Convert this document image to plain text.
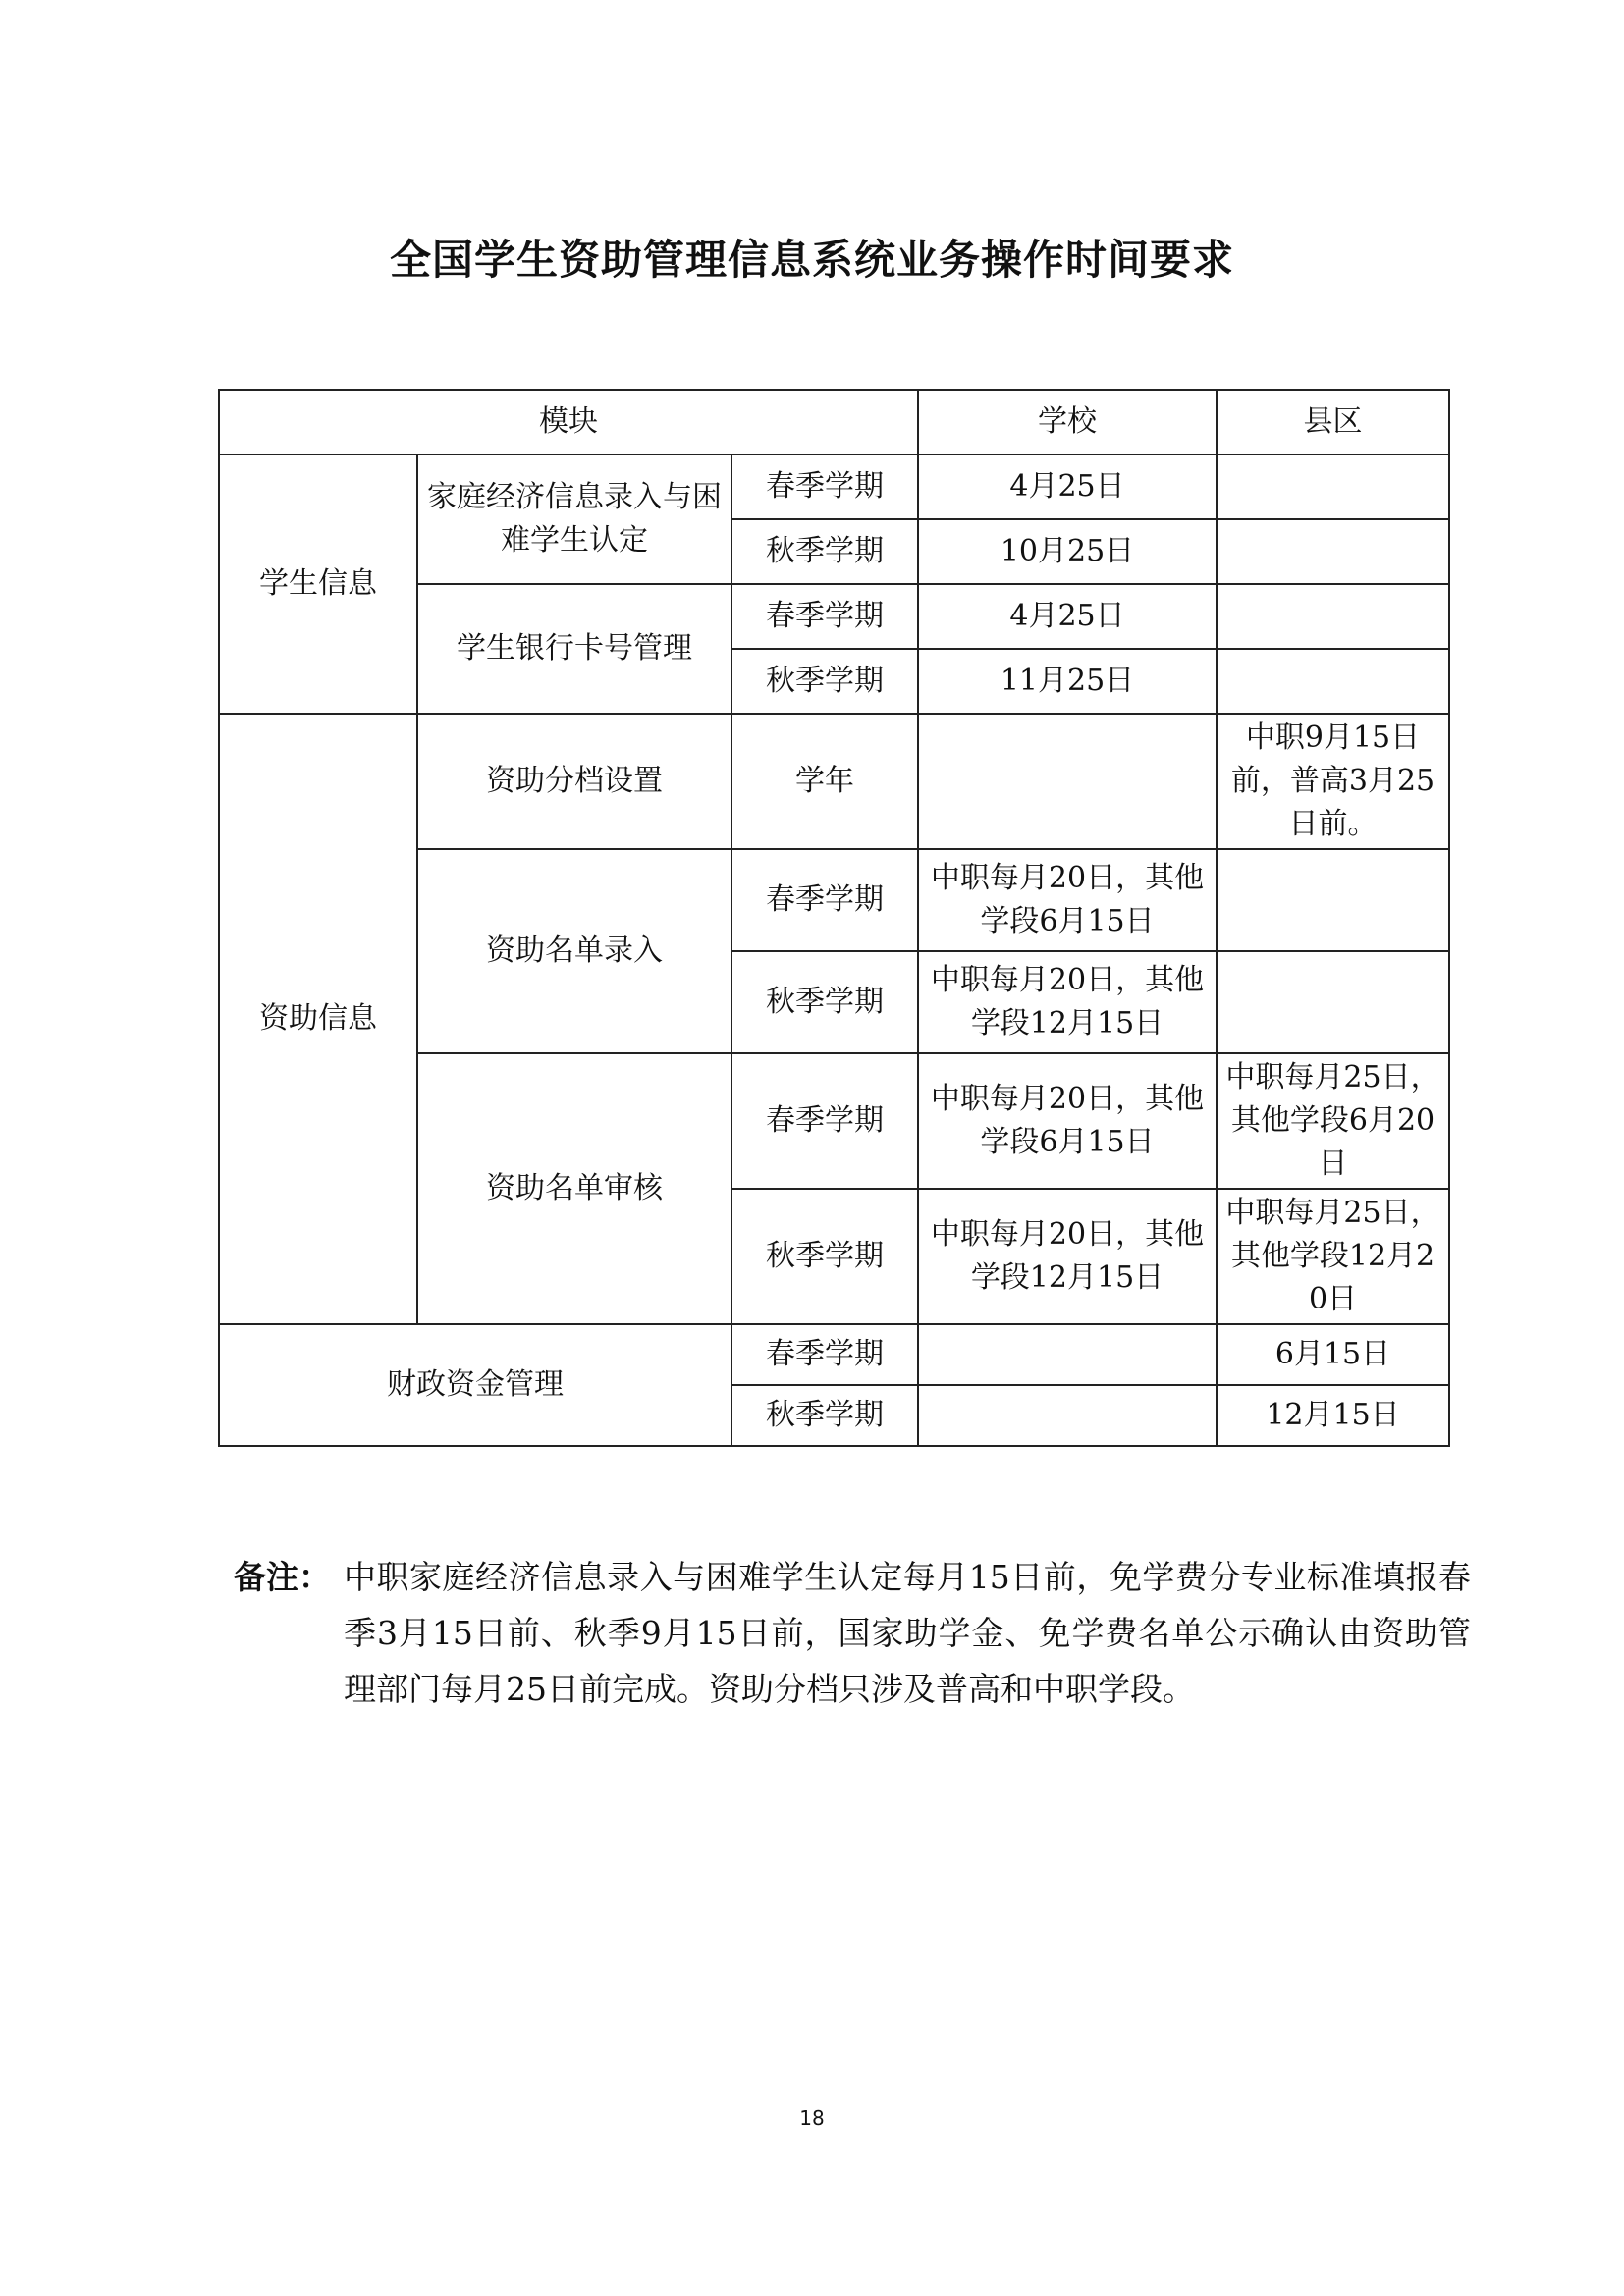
全国学生资助管理信息系统业务操作时间要求
模块			学校	县区
学生信息	家庭经济信息录入与困难学生认定	春季学期	4月25日	
		秋季学期	10月25日	
	学生银行卡号管理	春季学期	4月25日	
		秋季学期	11月25日	
资助信息	资助分档设置	学年		中职9月15日前，普高3月25日前。
	资助名单录入	春季学期	中职每月20日，其他学段6月15日	
		秋季学期	中职每月20日，其他学段12月15日	
	资助名单审核	春季学期	中职每月20日，其他学段6月15日	中职每月25日，其他学段6月20日
		秋季学期	中职每月20日，其他学段12月15日	中职每月25日，其他学段12月20日
财政资金管理		春季学期		6月15日
		秋季学期		12月15日
备注： 中职家庭经济信息录入与困难学生认定每月15日前，免学费分专业标准填报春季3月15日前、秋季9月15日前，国家助学金、免学费名单公示确认由资助管理部门每月25日前完成。资助分档只涉及普高和中职学段。
18
